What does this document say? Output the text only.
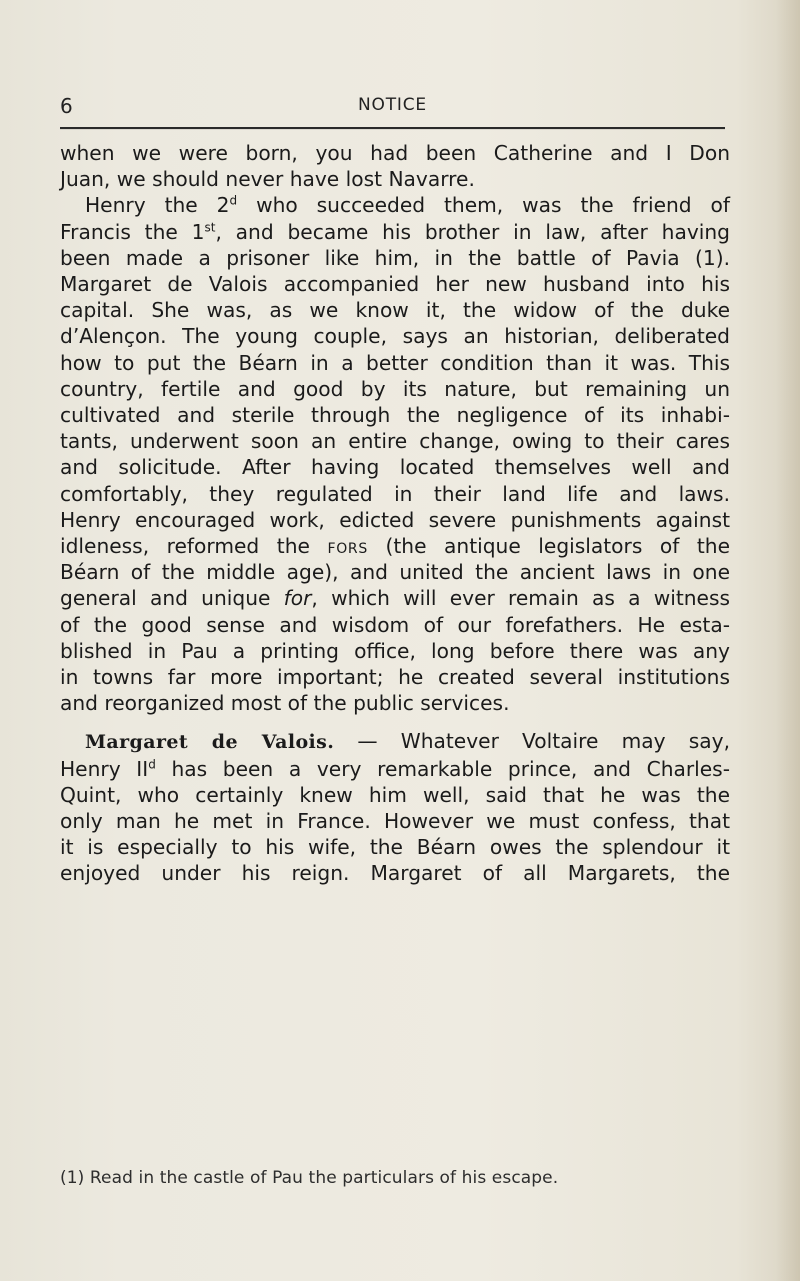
6	NOTICE

when we were born, you had been Catherine and I Don
Juan, we should never have lost Navarre.

Henry the 2$^d$ who succeeded them, was the friend of
Francis the 1st, and became his brother in law, after having
been made a prisoner like him, in the battle of Pavia (1).
Margaret de Valois accompanied her new husband into his
capital. She was, as we know it, the widow of the duke
d’Alençon. The young couple, says an historian, deliberated
how to put the Béarn in a better condition than it was. This
country, fertile and good by its nature, but remaining un
cultivated and sterile through the negligence of its inhabi-
tants, underwent soon an entire change, owing to their cares
and solicitude. After having located themselves well and
comfortably, they regulated in their land life and laws.
Henry encouraged work, edicted severe punishments against
idleness, reformed the fors (the antique legislators of the
Béarn of the middle age), and united the ancient laws in one
general and unique for, which will ever remain as a witness
of the good sense and wisdom of our forefathers. He esta-
blished in Pau a printing office, long before there was any
in towns far more important; he created several institutions
and reorganized most of the public services.

Margaret de Valois. — Whatever Voltaire may say,
Henry $II^d$ has been a very remarkable prince, and Charles-
Quint, who certainly knew him well, said that he was the
only man he met in France. However we must confess, that
it is especially to his wife, the Béarn owes the splendour it
enjoyed under his reign. Margaret of all Margarets, the

(1) Read in the castle of Pau the particulars of his escape.
